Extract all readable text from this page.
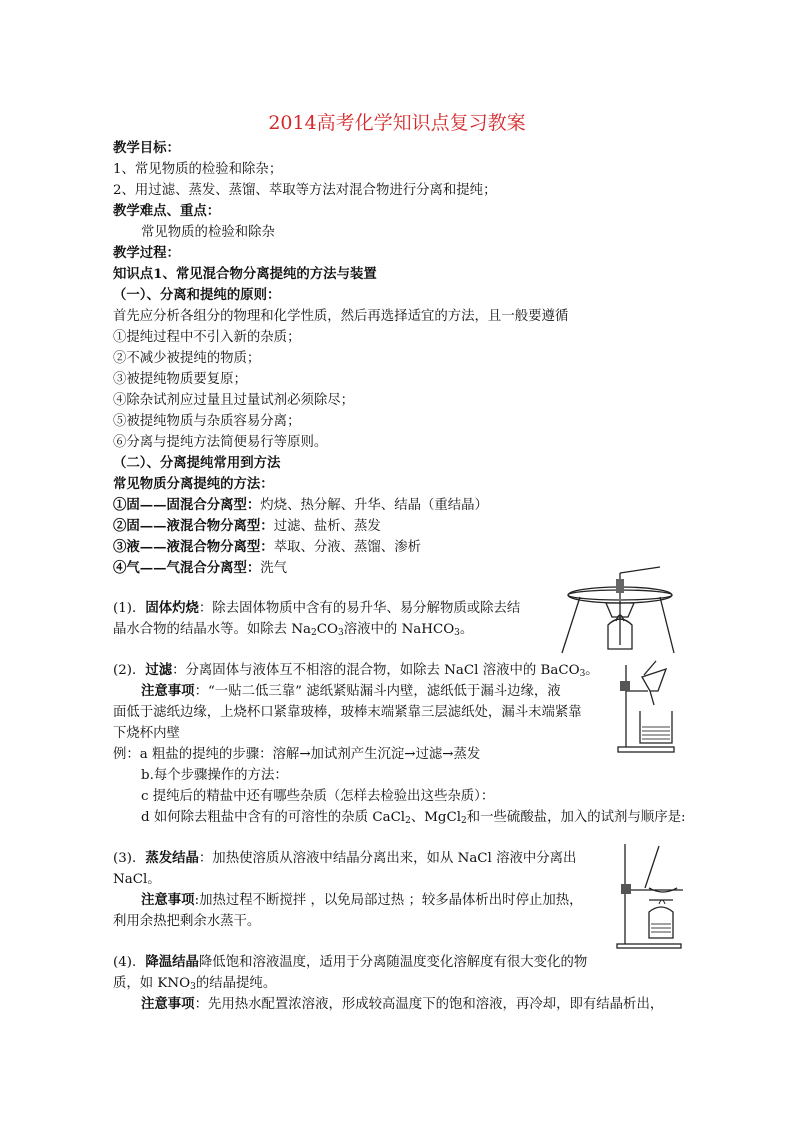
2014高考化学知识点复习教案
教学目标：
1、常见物质的检验和除杂；
2、用过滤、蒸发、蒸馏、萃取等方法对混合物进行分离和提纯；
教学难点、重点：
常见物质的检验和除杂
教学过程：
知识点1、常见混合物分离提纯的方法与装置
（一）、分离和提纯的原则：
首先应分析各组分的物理和化学性质，然后再选择适宜的方法，且一般要遵循
①提纯过程中不引入新的杂质；
②不减少被提纯的物质；
③被提纯物质要复原；
④除杂试剂应过量且过量试剂必须除尽；
⑤被提纯物质与杂质容易分离；
⑥分离与提纯方法简便易行等原则。
（二）、分离提纯常用到方法
常见物质分离提纯的方法：
①固——固混合分离型：灼烧、热分解、升华、结晶（重结晶）
②固——液混合物分离型：过滤、盐析、蒸发
③液——液混合物分离型：萃取、分液、蒸馏、渗析
④气——气混合分离型：洗气
(1)．固体灼烧：除去固体物质中含有的易升华、易分解物质或除去结
晶水合物的结晶水等。如除去 $Na_2CO_3$溶液中的 NaHCO$_3$。
(2)．过滤：分离固体与液体互不相溶的混合物，如除去 NaCl 溶液中的 BaCO$_3$。
注意事项：“一贴二低三靠” 滤纸紧贴漏斗内壁，滤纸低于漏斗边缘，液
面低于滤纸边缘，上烧杯口紧靠玻棒，玻棒末端紧靠三层滤纸处，漏斗末端紧靠
下烧杯内壁
例：a 粗盐的提纯的步骤：溶解→加试剂产生沉淀→过滤→蒸发
b.每个步骤操作的方法：
c 提纯后的精盐中还有哪些杂质（怎样去检验出这些杂质）：
d 如何除去粗盐中含有的可溶性的杂质 CaCl$_2$、MgCl$_2$和一些硫酸盐，加入的试剂与顺序是:
(3)．蒸发结晶：加热使溶质从溶液中结晶分离出来，如从 NaCl 溶液中分离出
NaCl。
注意事项:加热过程不断搅拌 ，以免局部过热 ；较多晶体析出时停止加热，
利用余热把剩余水蒸干。
(4)．降温结晶降低饱和溶液温度，适用于分离随温度变化溶解度有很大变化的物
质，如 $KNO_3$的结晶提纯。
注意事项：先用热水配置浓溶液，形成较高温度下的饱和溶液，再冷却，即有结晶析出，
